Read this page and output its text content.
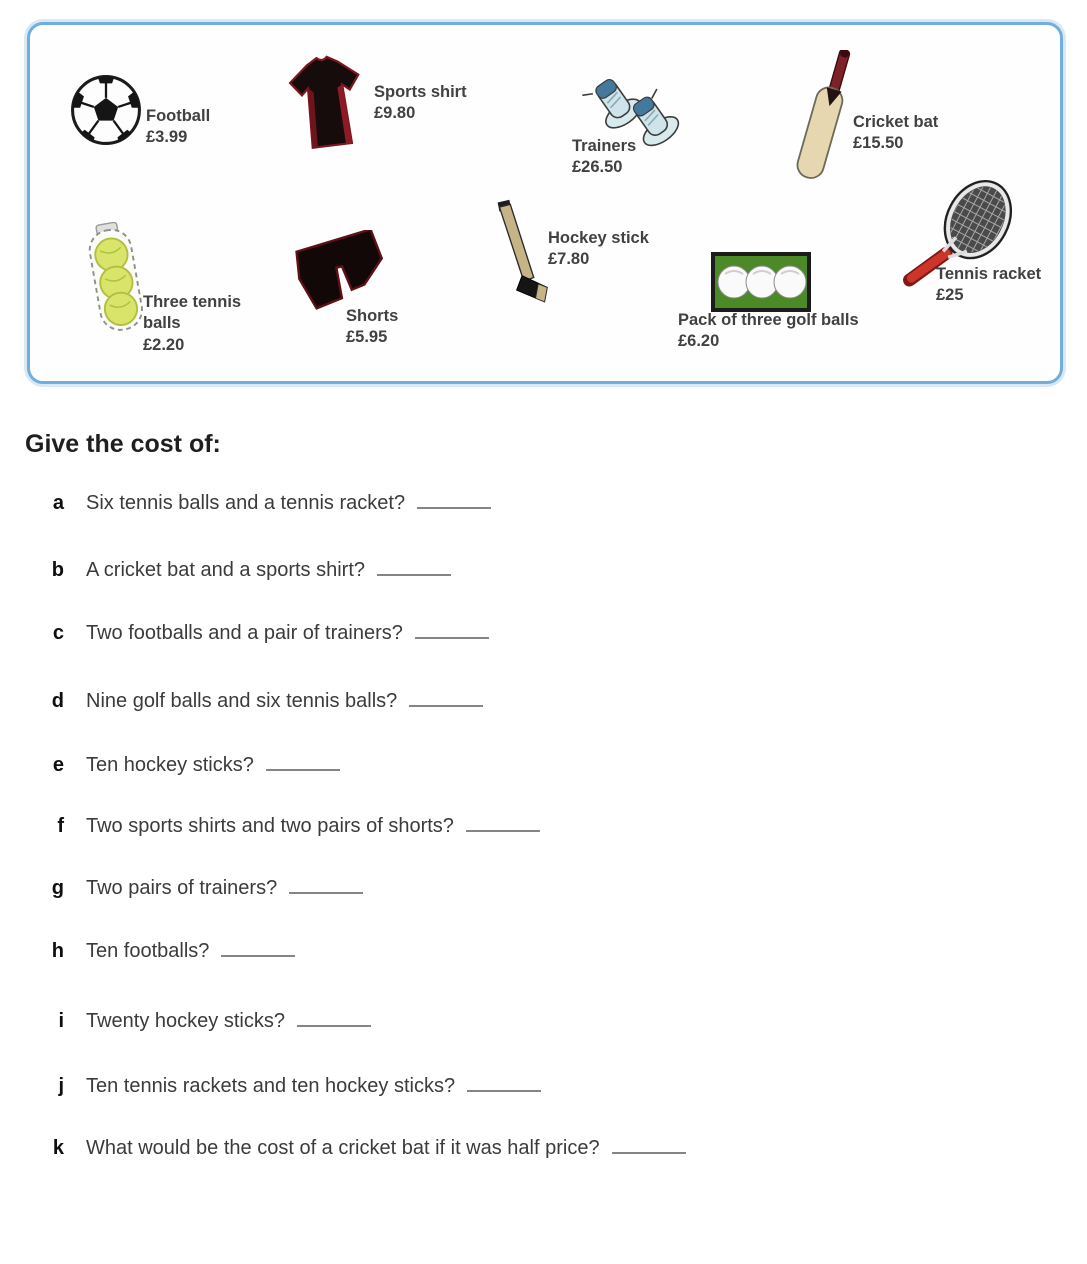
Football
£3.99
Sports shirt
£9.80
Trainers
£26.50
Cricket bat
£15.50
Three tennis balls
£2.20
Shorts
£5.95
Hockey stick
£7.80
Pack of three golf balls
£6.20
Tennis racket
£25
Give the cost of:
a Six tennis balls and a tennis racket?
b A cricket bat and a sports shirt?
c Two footballs and a pair of trainers?
d Nine golf balls and six tennis balls?
e Ten hockey sticks?
f Two sports shirts and two pairs of shorts?
g Two pairs of trainers?
h Ten footballs?
i Twenty hockey sticks?
j Ten tennis rackets and ten hockey sticks?
k What would be the cost of a cricket bat if it was half price?
